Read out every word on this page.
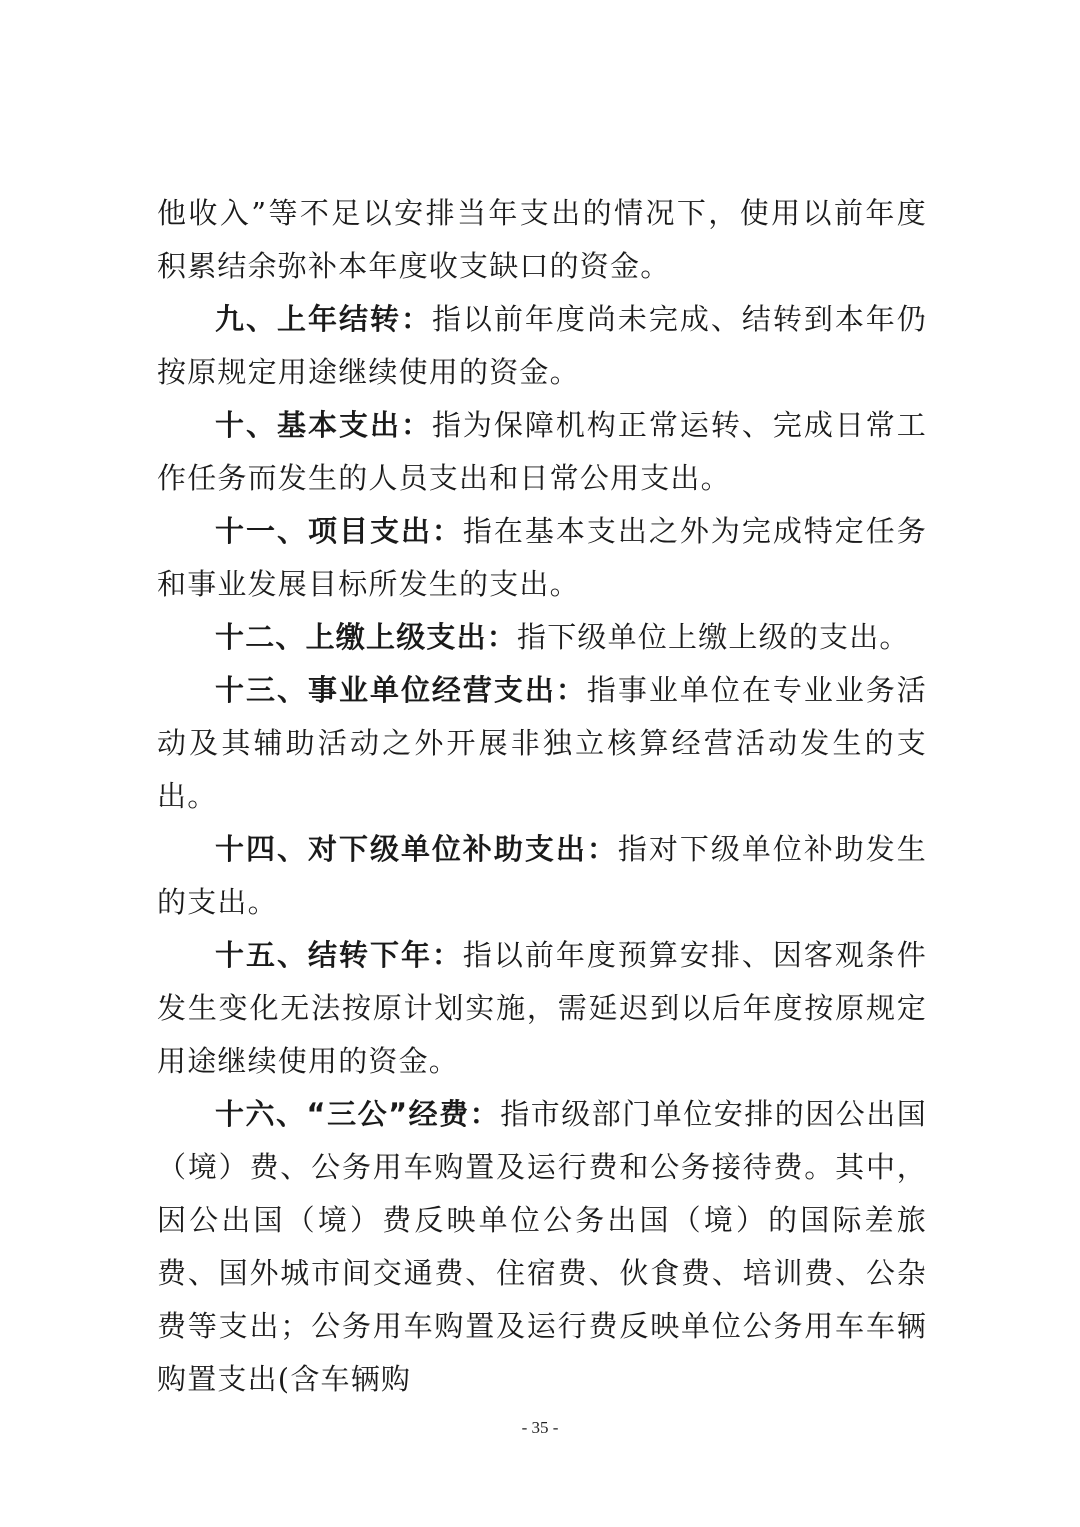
他收入”等不足以安排当年支出的情况下，使用以前年度积累结余弥补本年度收支缺口的资金。

九、上年结转：指以前年度尚未完成、结转到本年仍按原规定用途继续使用的资金。

十、基本支出：指为保障机构正常运转、完成日常工作任务而发生的人员支出和日常公用支出。

十一、项目支出：指在基本支出之外为完成特定任务和事业发展目标所发生的支出。

十二、上缴上级支出：指下级单位上缴上级的支出。

十三、事业单位经营支出：指事业单位在专业业务活动及其辅助活动之外开展非独立核算经营活动发生的支出。

十四、对下级单位补助支出：指对下级单位补助发生的支出。

十五、结转下年：指以前年度预算安排、因客观条件发生变化无法按原计划实施，需延迟到以后年度按原规定用途继续使用的资金。

十六、“三公”经费：指市级部门单位安排的因公出国（境）费、公务用车购置及运行费和公务接待费。其中，因公出国（境）费反映单位公务出国（境）的国际差旅费、国外城市间交通费、住宿费、伙食费、培训费、公杂费等支出；公务用车购置及运行费反映单位公务用车车辆购置支出(含车辆购

- 35 -
